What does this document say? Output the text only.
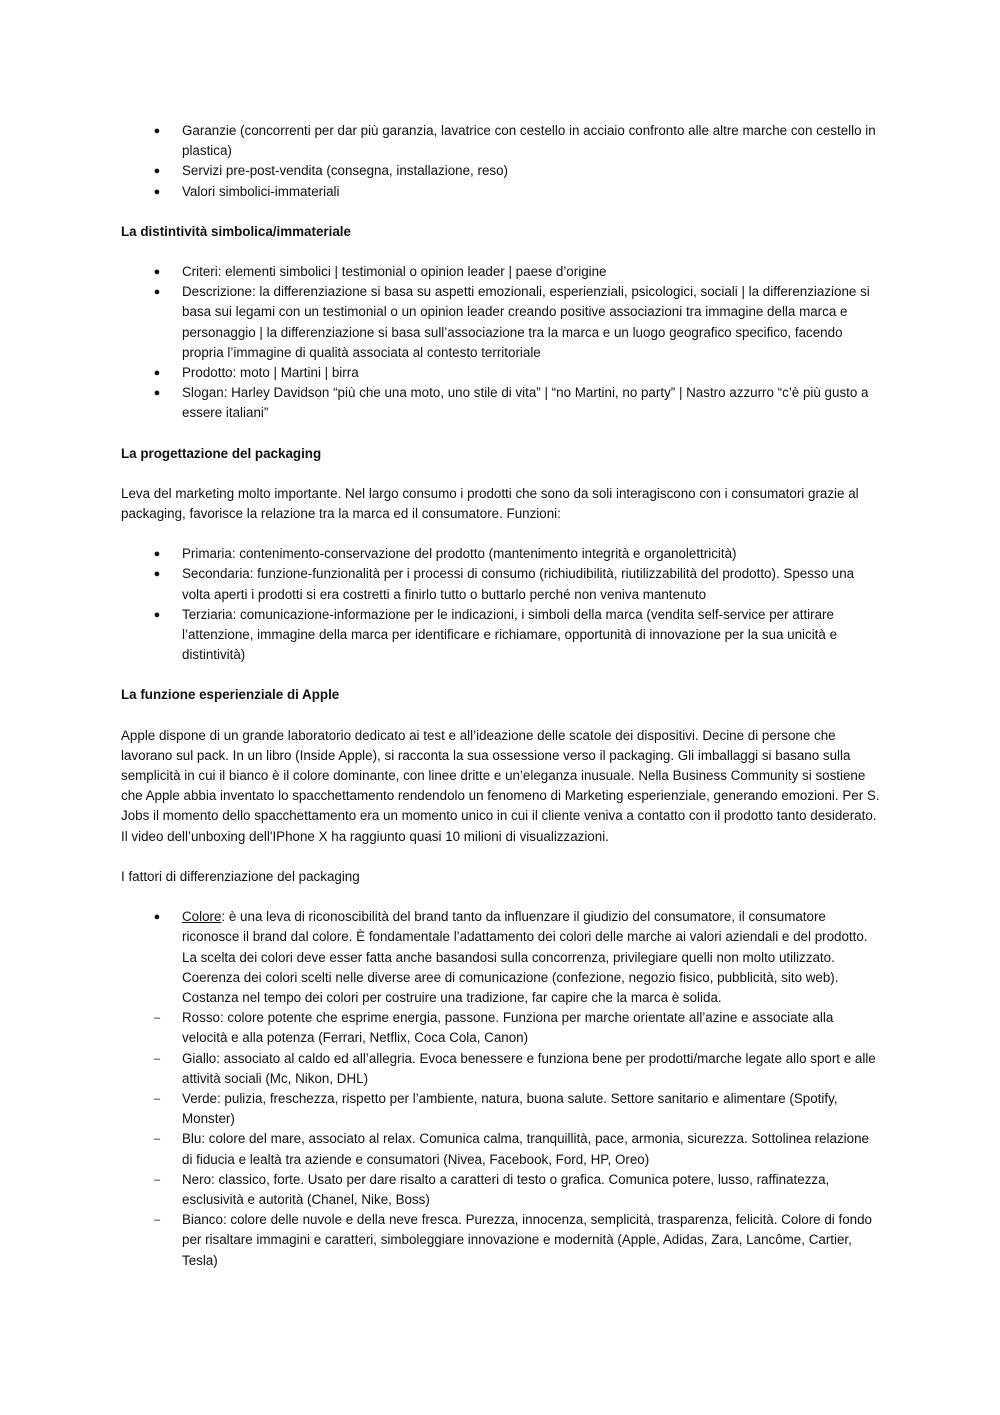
● Garanzie (concorrenti per dar più garanzia, lavatrice con cestello in acciaio confronto alle altre marche con cestello in plastica)
● Servizi pre-post-vendita (consegna, installazione, reso)
● Valori simbolici-immateriali

La distintività simbolica/immateriale

● Criteri: elementi simbolici | testimonial o opinion leader | paese d’origine
● Descrizione: la differenziazione si basa su aspetti emozionali, esperienziali, psicologici, sociali | la differenziazione si basa sui legami con un testimonial o un opinion leader creando positive associazioni tra immagine della marca e personaggio | la differenziazione si basa sull’associazione tra la marca e un luogo geografico specifico, facendo propria l’immagine di qualità associata al contesto territoriale
● Prodotto: moto | Martini | birra
● Slogan: Harley Davidson “più che una moto, uno stile di vita” | “no Martini, no party” | Nastro azzurro “c’è più gusto a essere italiani”

La progettazione del packaging

Leva del marketing molto importante. Nel largo consumo i prodotti che sono da soli interagiscono con i consumatori grazie al packaging, favorisce la relazione tra la marca ed il consumatore. Funzioni:

● Primaria: contenimento-conservazione del prodotto (mantenimento integrità e organolettricità)
● Secondaria: funzione-funzionalità per i processi di consumo (richiudibilità, riutilizzabilità del prodotto). Spesso una volta aperti i prodotti si era costretti a finirlo tutto o buttarlo perché non veniva mantenuto
● Terziaria: comunicazione-informazione per le indicazioni, i simboli della marca (vendita self-service per attirare l’attenzione, immagine della marca per identificare e richiamare, opportunità di innovazione per la sua unicità e distintività)

La funzione esperienziale di Apple

Apple dispone di un grande laboratorio dedicato ai test e all’ideazione delle scatole dei dispositivi. Decine di persone che lavorano sul pack. In un libro (Inside Apple), si racconta la sua ossessione verso il packaging. Gli imballaggi si basano sulla semplicità in cui il bianco è il colore dominante, con linee dritte e un’eleganza inusuale. Nella Business Community si sostiene che Apple abbia inventato lo spacchettamento rendendolo un fenomeno di Marketing esperienziale, generando emozioni. Per S. Jobs il momento dello spacchettamento era un momento unico in cui il cliente veniva a contatto con il prodotto tanto desiderato. Il video dell’unboxing dell'IPhone X ha raggiunto quasi 10 milioni di visualizzazioni.

I fattori di differenziazione del packaging

● Colore: è una leva di riconoscibilità del brand tanto da influenzare il giudizio del consumatore, il consumatore riconosce il brand dal colore. È fondamentale l’adattamento dei colori delle marche ai valori aziendali e del prodotto. La scelta dei colori deve esser fatta anche basandosi sulla concorrenza, privilegiare quelli non molto utilizzato. Coerenza dei colori scelti nelle diverse aree di comunicazione (confezione, negozio fisico, pubblicità, sito web). Costanza nel tempo dei colori per costruire una tradizione, far capire che la marca è solida.
– Rosso: colore potente che esprime energia, passone. Funziona per marche orientate all’azine e associate alla velocità e alla potenza (Ferrari, Netflix, Coca Cola, Canon)
– Giallo: associato al caldo ed all’allegria. Evoca benessere e funziona bene per prodotti/marche legate allo sport e alle attività sociali (Mc, Nikon, DHL)
– Verde: pulizia, freschezza, rispetto per l’ambiente, natura, buona salute. Settore sanitario e alimentare (Spotify, Monster)
– Blu: colore del mare, associato al relax. Comunica calma, tranquillità, pace, armonia, sicurezza. Sottolinea relazione di fiducia e lealtà tra aziende e consumatori (Nivea, Facebook, Ford, HP, Oreo)
– Nero: classico, forte. Usato per dare risalto a caratteri di testo o grafica. Comunica potere, lusso, raffinatezza, esclusività e autorità (Chanel, Nike, Boss)
– Bianco: colore delle nuvole e della neve fresca. Purezza, innocenza, semplicità, trasparenza, felicità. Colore di fondo per risaltare immagini e caratteri, simboleggiare innovazione e modernità (Apple, Adidas, Zara, Lancôme, Cartier, Tesla)
